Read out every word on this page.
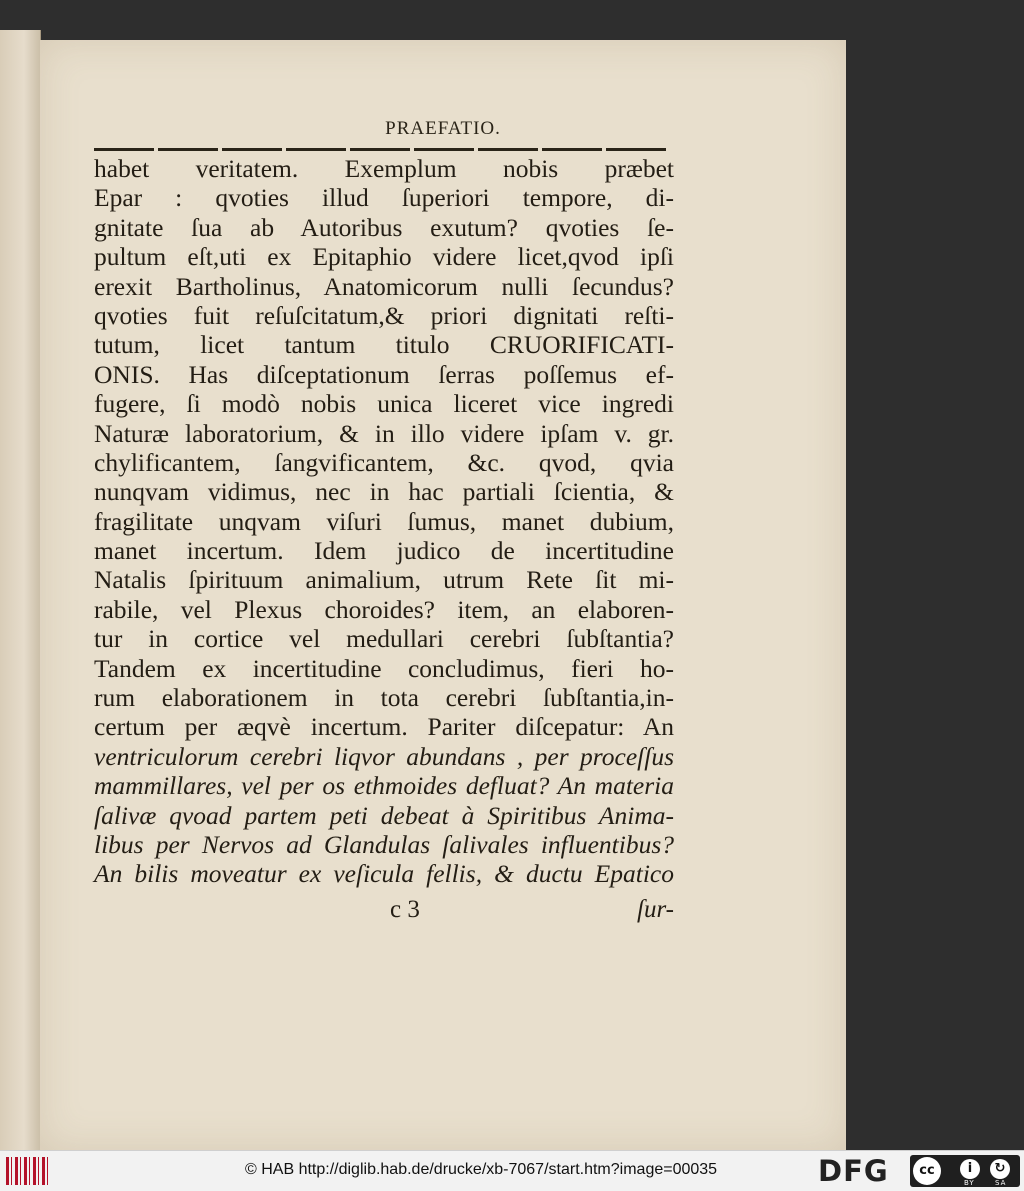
PRAEFATIO.
habet veritatem. Exemplum nobis præbet
Epar : qvoties illud ſuperiori tempore, di-
gnitate ſua ab Autoribus exutum? qvoties ſe-
pultum eſt,uti ex Epitaphio videre licet,qvod ipſi
erexit Bartholinus, Anatomicorum nulli ſecundus?
qvoties fuit reſuſcitatum,& priori dignitati reſti-
tutum, licet tantum titulo CRUORIFICATI-
ONIS. Has diſceptationum ſerras poſſemus ef-
fugere, ſi modò nobis unica liceret vice ingredi
Naturæ laboratorium, & in illo videre ipſam v. gr.
chylificantem, ſangvificantem, &c. qvod, qvia
nunqvam vidimus, nec in hac partiali ſcientia, &
fragilitate unqvam viſuri ſumus, manet dubium,
manet incertum. Idem judico de incertitudine
Natalis ſpirituum animalium, utrum Rete ſit mi-
rabile, vel Plexus choroides? item, an elaboren-
tur in cortice vel medullari cerebri ſubſtantia?
Tandem ex incertitudine concludimus, fieri ho-
rum elaborationem in tota cerebri ſubſtantia,in-
certum per æqvè incertum. Pariter diſcepatur: An
ventriculorum cerebri liqvor abundans , per proceſſus
mammillares, vel per os ethmoides defluat? An materia
ſalivæ qvoad partem peti debeat à Spiritibus Anima-
libus per Nervos ad Glandulas ſalivales influentibus?
An bilis moveatur ex veſicula fellis, & ductu Epatico
c 3	ſur-
© HAB http://diglib.hab.de/drucke/xb-7067/start.htm?image=00035	DFG	cc	i	↻
BY	SA
